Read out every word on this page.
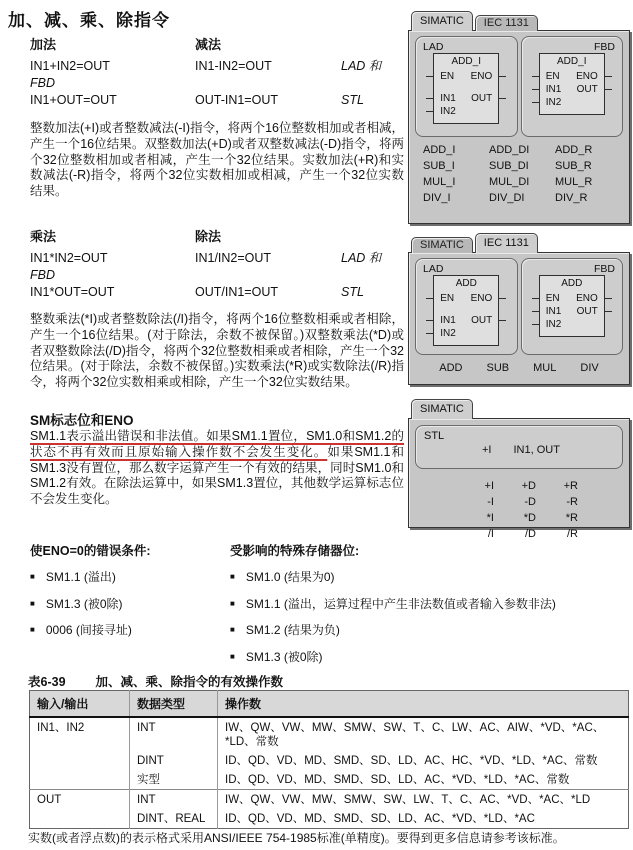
加、减、乘、除指令
加法	减法
IN1+IN2=OUT	IN1-IN2=OUT	LAD 和
FBD
IN1+OUT=OUT	OUT-IN1=OUT	STL
整数加法(+I)或者整数减法(-I)指令，将两个16位整数相加或者相减，产生一个16位结果。双整数加法(+D)或者双整数减法(-D)指令，将两个32位整数相加或者相减，产生一个32位结果。实数加法(+R)和实数减法(-R)指令，将两个32位实数相加或相减，产生一个32位实数结果。
乘法	除法
IN1*IN2=OUT	IN1/IN2=OUT	LAD 和
FBD
IN1*OUT=OUT	OUT/IN1=OUT	STL
整数乘法(*I)或者整数除法(/I)指令，将两个16位整数相乘或者相除，产生一个16位结果。(对于除法，余数不被保留。)双整数乘法(*D)或者双整数除法(/D)指令，将两个32位整数相乘或者相除，产生一个32位结果。(对于除法，余数不被保留。)实数乘法(*R)或实数除法(/R)指令，将两个32位实数相乘或相除，产生一个32位实数结果。
SM标志位和ENO
SM1.1表示溢出错误和非法值。如果SM1.1置位，SM1.0和SM1.2的状态不再有效而且原始输入操作数不会发生变化。如果SM1.1和SM1.3没有置位，那么数字运算产生一个有效的结果，同时SM1.0和SM1.2有效。在除法运算中，如果SM1.3置位，其他数学运算标志位不会发生变化。
使ENO=0的错误条件:
■ SM1.1 (溢出)
■ SM1.3 (被0除)
■ 0006 (间接寻址)
受影响的特殊存储器位:
■ SM1.0 (结果为0)
■ SM1.1 (溢出，运算过程中产生非法数值或者输入参数非法)
■ SM1.2 (结果为负)
■ SM1.3 (被0除)
表6-39 加、减、乘、除指令的有效操作数
输入/输出	数据类型	操作数
IN1、IN2	INT	IW、QW、VW、MW、SMW、SW、T、C、LW、AC、AIW、*VD、*AC、*LD、常数
	DINT	ID、QD、VD、MD、SMD、SD、LD、AC、HC、*VD、*LD、*AC、常数
	实型	ID、QD、VD、MD、SMD、SD、LD、AC、*VD、*LD、*AC、常数
OUT	INT	IW、QW、VW、MW、SMW、SW、LW、T、C、AC、*VD、*AC、*LD
	DINT、REAL	ID、QD、VD、MD、SMD、SD、LD、AC、*VD、*LD、*AC
实数(或者浮点数)的表示格式采用ANSI/IEEE 754-1985标准(单精度)。要得到更多信息请参考该标准。
SIMATIC	IEC 1131
LAD
ADD_I
EN ENO
IN1 OUT
IN2
FBD
ADD_I
EN ENO
IN1 OUT
IN2
ADD_I	ADD_DI	ADD_R
SUB_I	SUB_DI	SUB_R
MUL_I	MUL_DI	MUL_R
DIV_I	DIV_DI	DIV_R
SIMATIC	IEC 1131
LAD
ADD
EN ENO
IN1 OUT
IN2
FBD
ADD
EN ENO
IN1 OUT
IN2
ADD SUB MUL DIV
SIMATIC
STL
+I IN1, OUT
+I	+D	+R
-I	-D	-R
*I	*D	*R
/I	/D	/R
